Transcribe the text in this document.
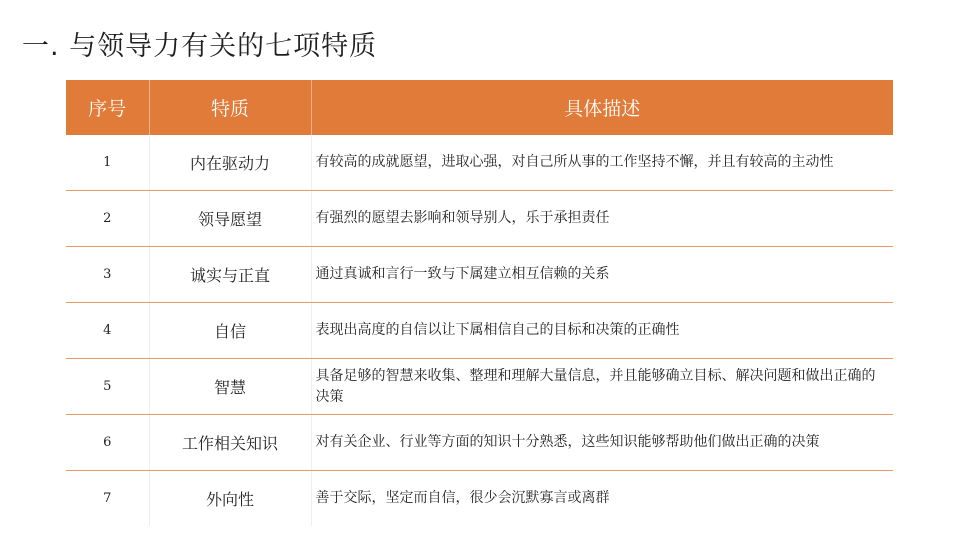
一. 与领导力有关的七项特质
序号	特质	具体描述
1	内在驱动力	有较高的成就愿望，进取心强，对自己所从事的工作坚持不懈，并且有较高的主动性
2	领导愿望	有强烈的愿望去影响和领导别人，乐于承担责任
3	诚实与正直	通过真诚和言行一致与下属建立相互信赖的关系
4	自信	表现出高度的自信以让下属相信自己的目标和决策的正确性
5	智慧	具备足够的智慧来收集、整理和理解大量信息，并且能够确立目标、解决问题和做出正确的决策
6	工作相关知识	对有关企业、行业等方面的知识十分熟悉，这些知识能够帮助他们做出正确的决策
7	外向性	善于交际，坚定而自信，很少会沉默寡言或离群
